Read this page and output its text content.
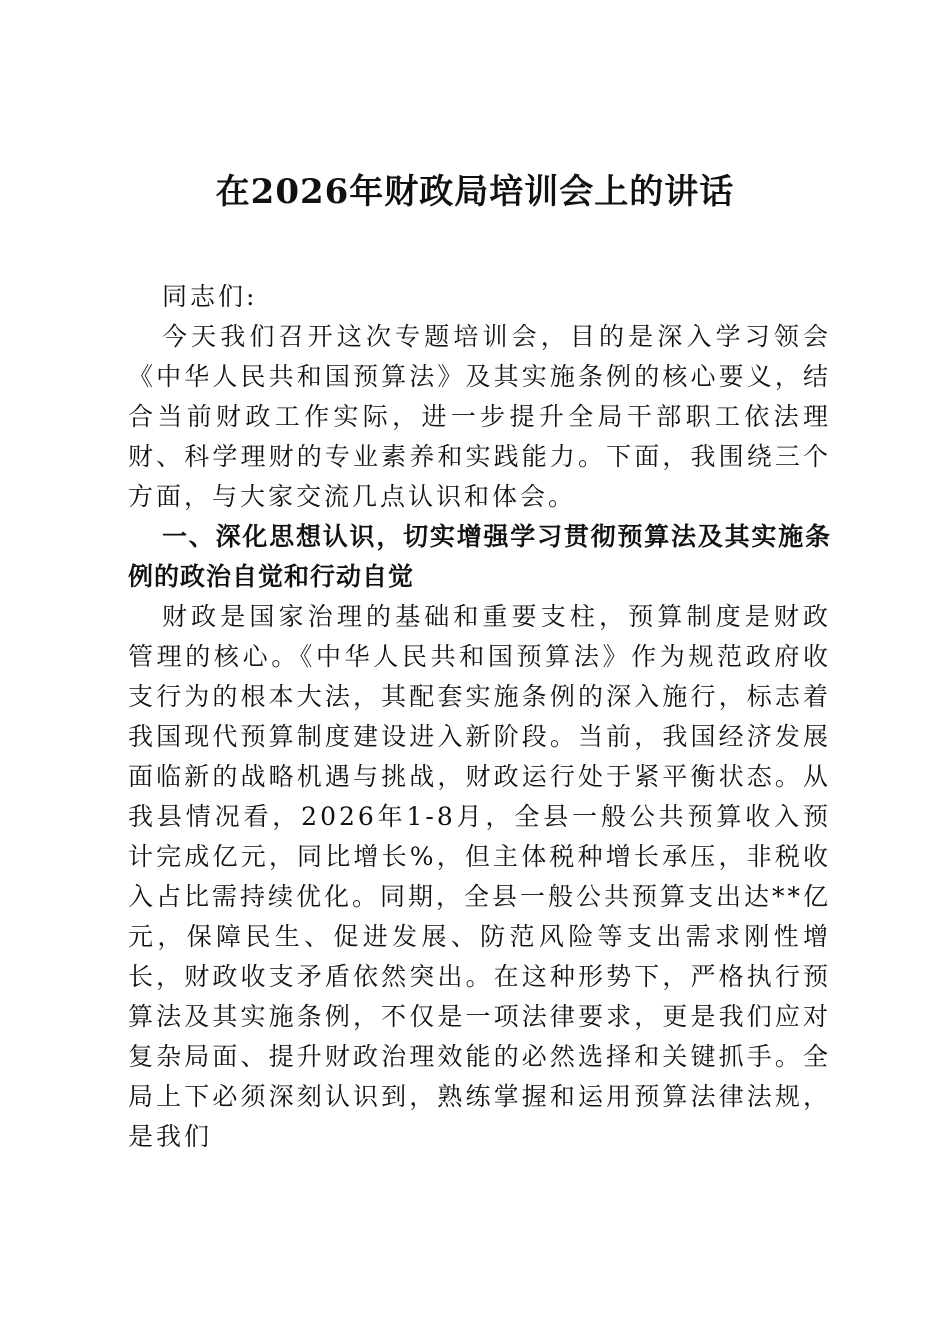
在2026年财政局培训会上的讲话

同志们:

今天我们召开这次专题培训会，目的是深入学习领会《中华人民共和国预算法》及其实施条例的核心要义，结合当前财政工作实际，进一步提升全局干部职工依法理财、科学理财的专业素养和实践能力。下面，我围绕三个方面，与大家交流几点认识和体会。

一、深化思想认识，切实增强学习贯彻预算法及其实施条例的政治自觉和行动自觉

财政是国家治理的基础和重要支柱，预算制度是财政管理的核心。《中华人民共和国预算法》作为规范政府收支行为的根本大法，其配套实施条例的深入施行，标志着我国现代预算制度建设进入新阶段。当前，我国经济发展面临新的战略机遇与挑战，财政运行处于紧平衡状态。从我县情况看，2026年1-8月，全县一般公共预算收入预计完成亿元，同比增长%，但主体税种增长承压，非税收入占比需持续优化。同期，全县一般公共预算支出达**亿元，保障民生、促进发展、防范风险等支出需求刚性增长，财政收支矛盾依然突出。在这种形势下，严格执行预算法及其实施条例，不仅是一项法律要求，更是我们应对复杂局面、提升财政治理效能的必然选择和关键抓手。全局上下必须深刻认识到，熟练掌握和运用预算法律法规，是我们
